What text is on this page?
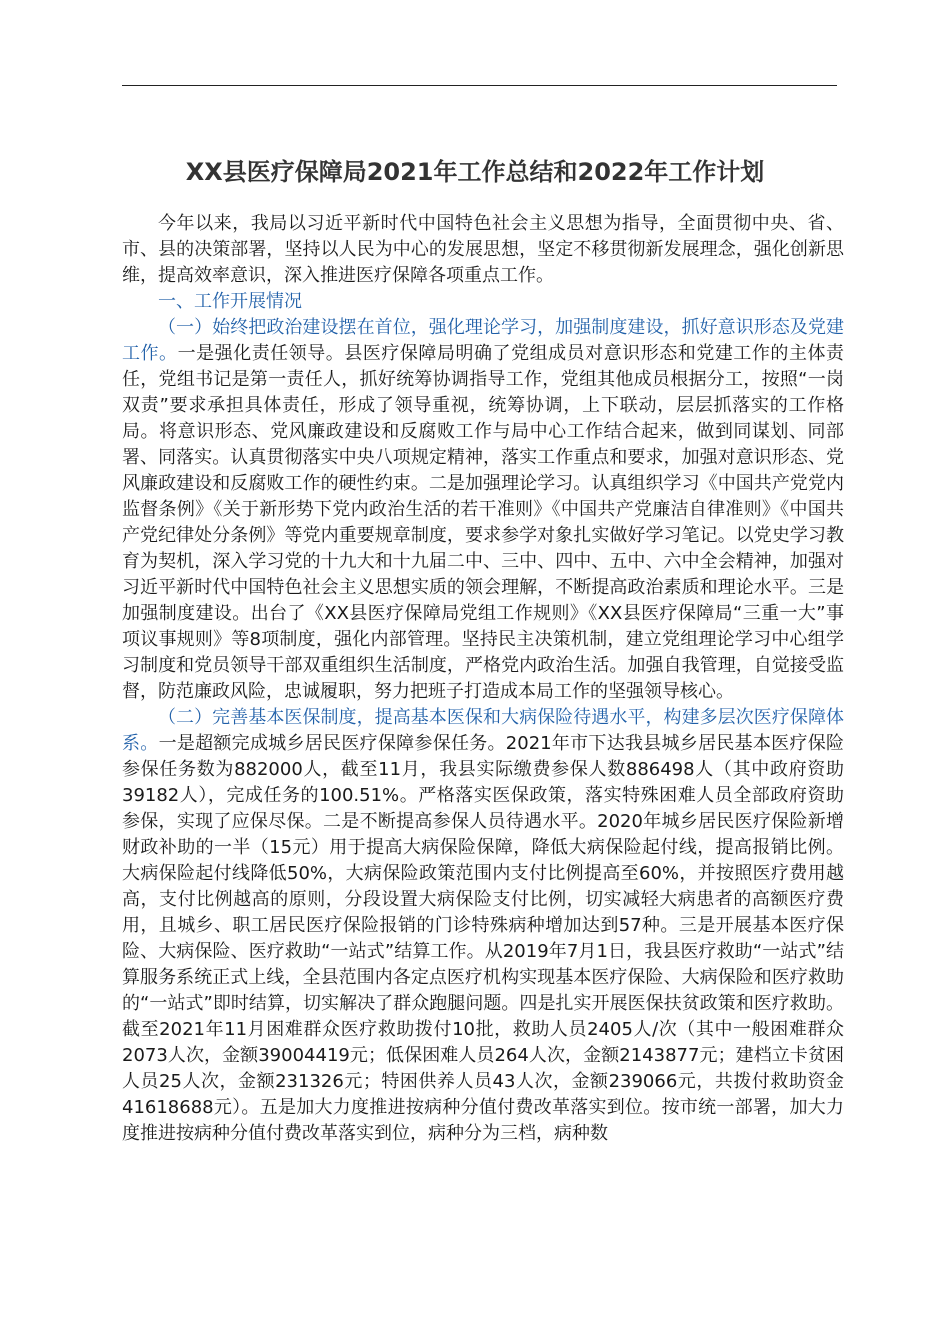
XX县医疗保障局2021年工作总结和2022年工作计划

今年以来，我局以习近平新时代中国特色社会主义思想为指导，全面贯彻中央、省、市、县的决策部署，坚持以人民为中心的发展思想，坚定不移贯彻新发展理念，强化创新思维，提高效率意识，深入推进医疗保障各项重点工作。

一、工作开展情况

（一）始终把政治建设摆在首位，强化理论学习，加强制度建设，抓好意识形态及党建工作。一是强化责任领导。县医疗保障局明确了党组成员对意识形态和党建工作的主体责任，党组书记是第一责任人，抓好统筹协调指导工作，党组其他成员根据分工，按照“一岗双责”要求承担具体责任，形成了领导重视，统筹协调，上下联动，层层抓落实的工作格局。将意识形态、党风廉政建设和反腐败工作与局中心工作结合起来，做到同谋划、同部署、同落实。认真贯彻落实中央八项规定精神，落实工作重点和要求，加强对意识形态、党风廉政建设和反腐败工作的硬性约束。二是加强理论学习。认真组织学习《中国共产党党内监督条例》《关于新形势下党内政治生活的若干准则》《中国共产党廉洁自律准则》《中国共产党纪律处分条例》等党内重要规章制度，要求参学对象扎实做好学习笔记。以党史学习教育为契机，深入学习党的十九大和十九届二中、三中、四中、五中、六中全会精神，加强对习近平新时代中国特色社会主义思想实质的领会理解，不断提高政治素质和理论水平。三是加强制度建设。出台了《XX县医疗保障局党组工作规则》《XX县医疗保障局“三重一大”事项议事规则》等8项制度，强化内部管理。坚持民主决策机制，建立党组理论学习中心组学习制度和党员领导干部双重组织生活制度，严格党内政治生活。加强自我管理，自觉接受监督，防范廉政风险，忠诚履职，努力把班子打造成本局工作的坚强领导核心。

（二）完善基本医保制度，提高基本医保和大病保险待遇水平，构建多层次医疗保障体系。一是超额完成城乡居民医疗保障参保任务。2021年市下达我县城乡居民基本医疗保险参保任务数为882000人，截至11月，我县实际缴费参保人数886498人（其中政府资助39182人），完成任务的100.51%。严格落实医保政策，落实特殊困难人员全部政府资助参保，实现了应保尽保。二是不断提高参保人员待遇水平。2020年城乡居民医疗保险新增财政补助的一半（15元）用于提高大病保险保障，降低大病保险起付线，提高报销比例。大病保险起付线降低50%，大病保险政策范围内支付比例提高至60%，并按照医疗费用越高，支付比例越高的原则，分段设置大病保险支付比例，切实减轻大病患者的高额医疗费用，且城乡、职工居民医疗保险报销的门诊特殊病种增加达到57种。三是开展基本医疗保险、大病保险、医疗救助“一站式”结算工作。从2019年7月1日，我县医疗救助“一站式”结算服务系统正式上线，全县范围内各定点医疗机构实现基本医疗保险、大病保险和医疗救助的“一站式”即时结算，切实解决了群众跑腿问题。四是扎实开展医保扶贫政策和医疗救助。截至2021年11月困难群众医疗救助拨付10批，救助人员2405人/次（其中一般困难群众2073人次，金额39004419元；低保困难人员264人次，金额2143877元；建档立卡贫困人员25人次，金额231326元；特困供养人员43人次，金额239066元，共拨付救助资金41618688元）。五是加大力度推进按病种分值付费改革落实到位。按市统一部署，加大力度推进按病种分值付费改革落实到位，病种分为三档，病种数
